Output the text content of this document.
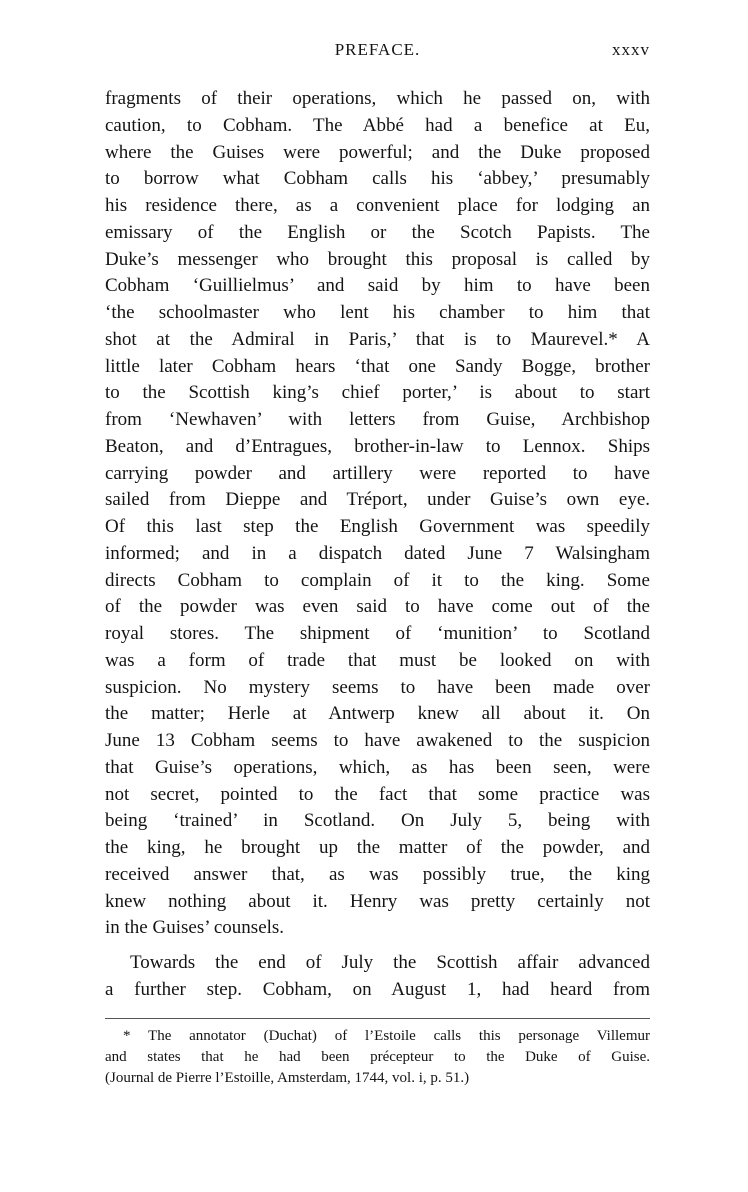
PREFACE.	xxxv
fragments of their operations, which he passed on, with
caution, to Cobham. The Abbé had a benefice at Eu,
where the Guises were powerful; and the Duke proposed
to borrow what Cobham calls his ‘abbey,’ presumably
his residence there, as a convenient place for lodging an
emissary of the English or the Scotch Papists. The
Duke’s messenger who brought this proposal is called by
Cobham ‘Guillielmus’ and said by him to have been
‘the schoolmaster who lent his chamber to him that
shot at the Admiral in Paris,’ that is to Maurevel.* A
little later Cobham hears ‘that one Sandy Bogge, brother
to the Scottish king’s chief porter,’ is about to start
from ‘Newhaven’ with letters from Guise, Archbishop
Beaton, and d’Entragues, brother-in-law to Lennox. Ships
carrying powder and artillery were reported to have
sailed from Dieppe and Tréport, under Guise’s own eye.
Of this last step the English Government was speedily
informed; and in a dispatch dated June 7 Walsingham
directs Cobham to complain of it to the king. Some
of the powder was even said to have come out of the
royal stores. The shipment of ‘munition’ to Scotland
was a form of trade that must be looked on with
suspicion. No mystery seems to have been made over
the matter; Herle at Antwerp knew all about it. On
June 13 Cobham seems to have awakened to the suspicion
that Guise’s operations, which, as has been seen, were
not secret, pointed to the fact that some practice was
being ‘trained’ in Scotland. On July 5, being with
the king, he brought up the matter of the powder, and
received answer that, as was possibly true, the king
knew nothing about it. Henry was pretty certainly not
in the Guises’ counsels.
Towards the end of July the Scottish affair advanced
a further step. Cobham, on August 1, had heard from
* The annotator (Duchat) of l’Estoile calls this personage Villemur
and states that he had been précepteur to the Duke of Guise.
(Journal de Pierre l’Estoille, Amsterdam, 1744, vol. i, p. 51.)
